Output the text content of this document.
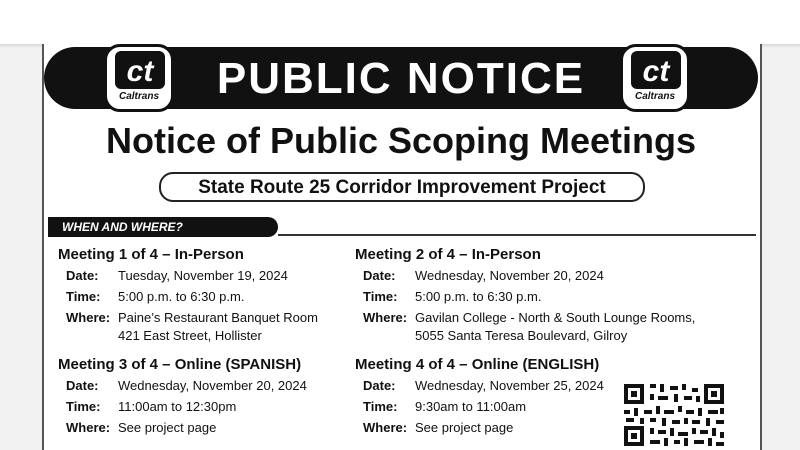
PUBLIC NOTICE
ct
Caltrans
ct
Caltrans
Notice of Public Scoping Meetings
State Route 25 Corridor Improvement Project
WHEN AND WHERE?
Meeting 1 of 4 – In-Person
Date: Tuesday, November 19, 2024
Time: 5:00 p.m. to 6:30 p.m.
Where: Paine’s Restaurant Banquet Room
421 East Street, Hollister
Meeting 2 of 4 – In-Person
Date: Wednesday, November 20, 2024
Time: 5:00 p.m. to 6:30 p.m.
Where: Gavilan College - North & South Lounge Rooms,
5055 Santa Teresa Boulevard, Gilroy
Meeting 3 of 4 – Online (SPANISH)
Date: Wednesday, November 20, 2024
Time: 11:00am to 12:30pm
Where: See project page
Meeting 4 of 4 – Online (ENGLISH)
Date: Wednesday, November 25, 2024
Time: 9:30am to 11:00am
Where: See project page
